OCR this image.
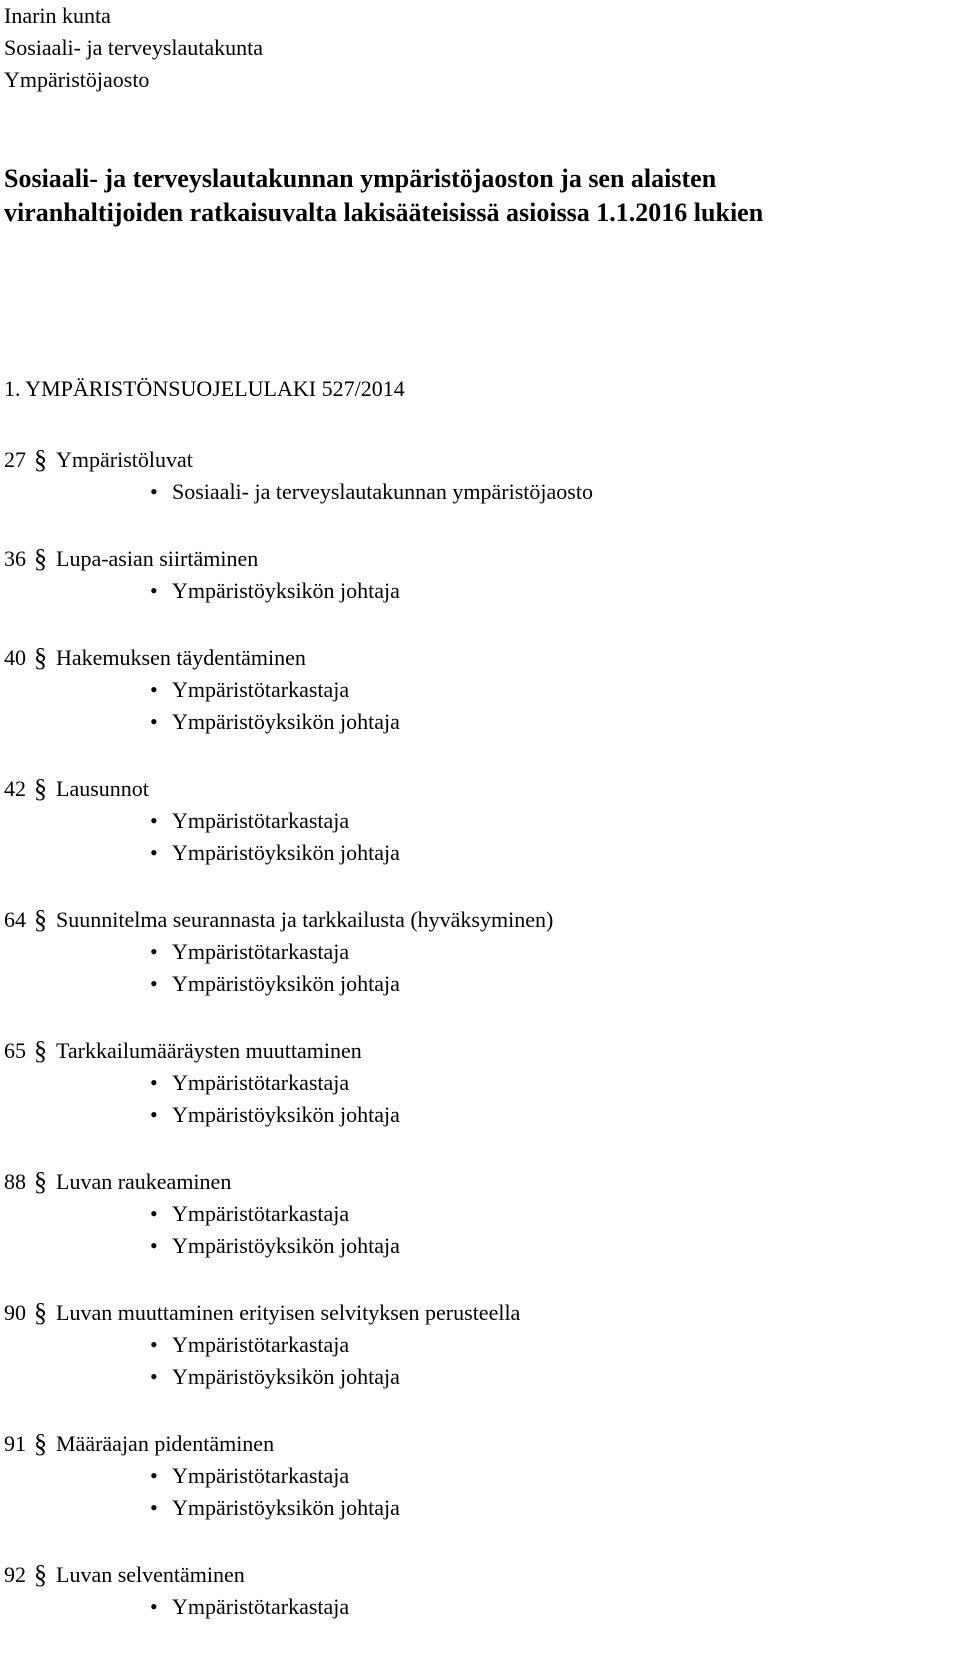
Inarin kunta
Sosiaali- ja terveyslautakunta
Ympäristöjaosto
Sosiaali- ja terveyslautakunnan ympäristöjaoston ja sen alaisten
viranhaltijoiden ratkaisuvalta lakisääteisissä asioissa 1.1.2016 lukien
1. YMPÄRISTÖNSUOJELULAKI 527/2014
27 § Ympäristöluvat
• Sosiaali- ja terveyslautakunnan ympäristöjaosto
36 § Lupa-asian siirtäminen
• Ympäristöyksikön johtaja
40 § Hakemuksen täydentäminen
• Ympäristötarkastaja
• Ympäristöyksikön johtaja
42 § Lausunnot
• Ympäristötarkastaja
• Ympäristöyksikön johtaja
64 § Suunnitelma seurannasta ja tarkkailusta (hyväksyminen)
• Ympäristötarkastaja
• Ympäristöyksikön johtaja
65 § Tarkkailumääräysten muuttaminen
• Ympäristötarkastaja
• Ympäristöyksikön johtaja
88 § Luvan raukeaminen
• Ympäristötarkastaja
• Ympäristöyksikön johtaja
90 § Luvan muuttaminen erityisen selvityksen perusteella
• Ympäristötarkastaja
• Ympäristöyksikön johtaja
91 § Määräajan pidentäminen
• Ympäristötarkastaja
• Ympäristöyksikön johtaja
92 § Luvan selventäminen
• Ympäristötarkastaja
